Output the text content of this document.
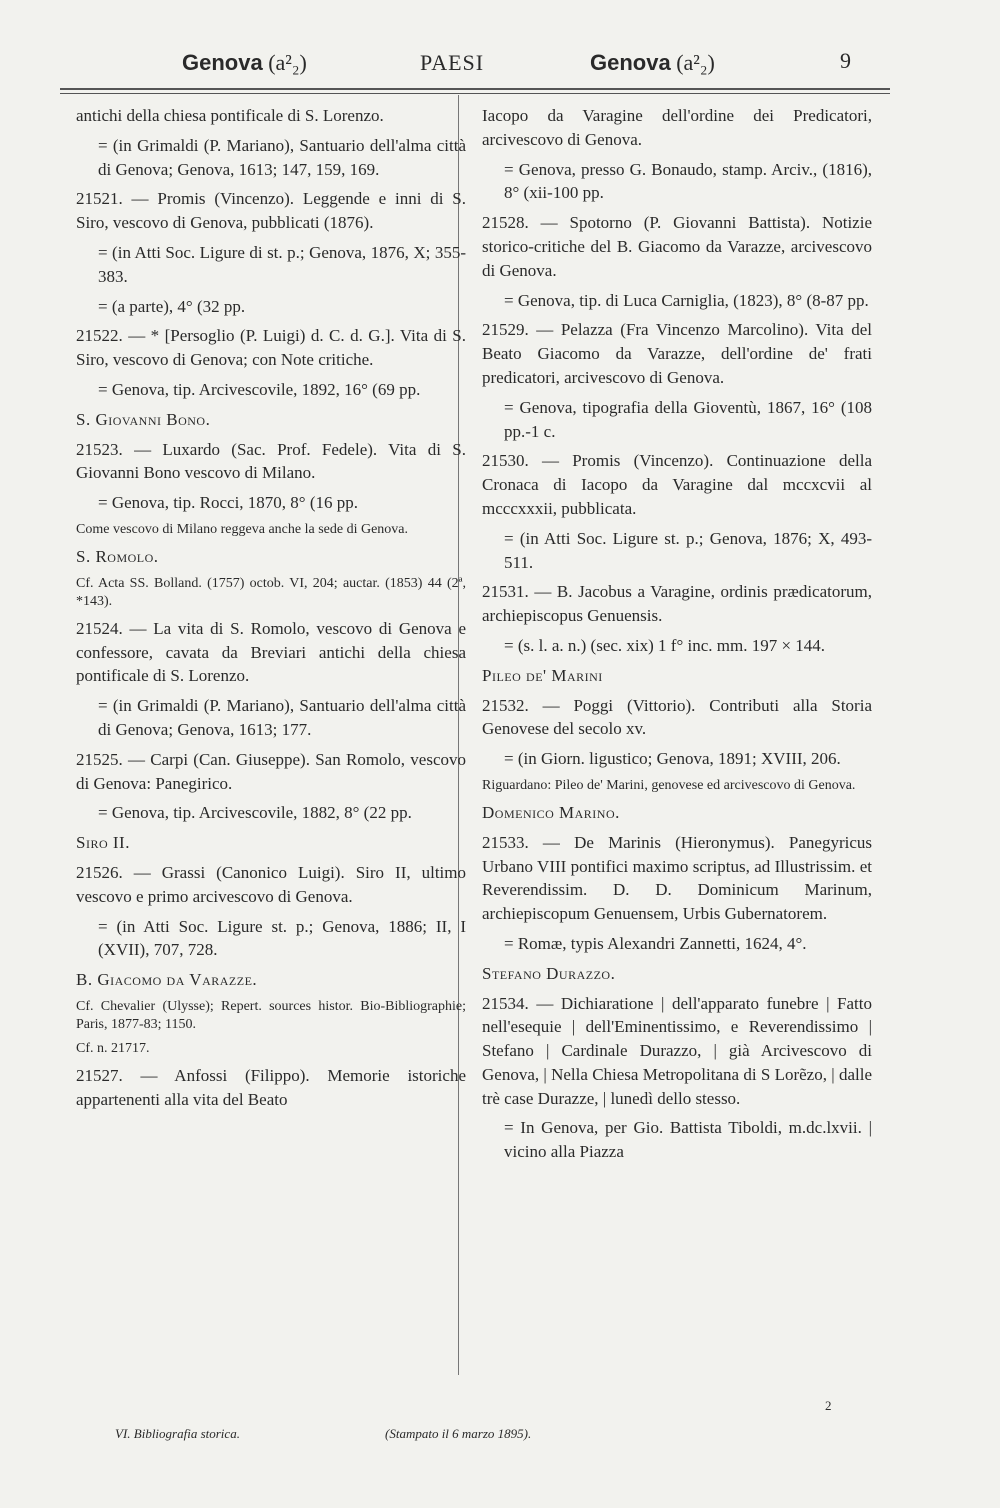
Genova (a²₂)	PAESI	Genova (a²₂)	9

antichi della chiesa pontificale di S. Lorenzo.

= (in Grimaldi (P. Mariano), Santuario dell'alma città di Genova; Genova, 1613; 147, 159, 169.

21521. — Promis (Vincenzo). Leggende e inni di S. Siro, vescovo di Genova, pubblicati (1876).

= (in Atti Soc. Ligure di st. p.; Genova, 1876, X; 355-383.

= (a parte), 4° (32 pp.

21522. — * [Persoglio (P. Luigi) d. C. d. G.]. Vita di S. Siro, vescovo di Genova; con Note critiche.

= Genova, tip. Arcivescovile, 1892, 16° (69 pp.

S. Giovanni Bono.

21523. — Luxardo (Sac. Prof. Fedele). Vita di S. Giovanni Bono vescovo di Milano.

= Genova, tip. Rocci, 1870, 8° (16 pp.

Come vescovo di Milano reggeva anche la sede di Genova.

S. Romolo.

Cf. Acta SS. Bolland. (1757) octob. VI, 204; auctar. (1853) 44 (2ª, *143).

21524. — La vita di S. Romolo, vescovo di Genova e confessore, cavata da Breviari antichi della chiesa pontificale di S. Lorenzo.

= (in Grimaldi (P. Mariano), Santuario dell'alma città di Genova; Genova, 1613; 177.

21525. — Carpi (Can. Giuseppe). San Romolo, vescovo di Genova: Panegirico.

= Genova, tip. Arcivescovile, 1882, 8° (22 pp.

Siro II.

21526. — Grassi (Canonico Luigi). Siro II, ultimo vescovo e primo arcivescovo di Genova.

= (in Atti Soc. Ligure st. p.; Genova, 1886; II, I (XVII), 707, 728.

B. Giacomo da Varazze.

Cf. Chevalier (Ulysse); Repert. sources histor. Bio-Bibliographie; Paris, 1877-83; 1150.

Cf. n. 21717.

21527. — Anfossi (Filippo). Memorie istoriche appartenenti alla vita del Beato

Iacopo da Varagine dell'ordine dei Predicatori, arcivescovo di Genova.

= Genova, presso G. Bonaudo, stamp. Arciv., (1816), 8° (xii-100 pp.

21528. — Spotorno (P. Giovanni Battista). Notizie storico-critiche del B. Giacomo da Varazze, arcivescovo di Genova.

= Genova, tip. di Luca Carniglia, (1823), 8° (8-87 pp.

21529. — Pelazza (Fra Vincenzo Marcolino). Vita del Beato Giacomo da Varazze, dell'ordine de' frati predicatori, arcivescovo di Genova.

= Genova, tipografia della Gioventù, 1867, 16° (108 pp.-1 c.

21530. — Promis (Vincenzo). Continuazione della Cronaca di Iacopo da Varagine dal mccxcvii al mcccxxxii, pubblicata.

= (in Atti Soc. Ligure st. p.; Genova, 1876; X, 493-511.

21531. — B. Jacobus a Varagine, ordinis prædicatorum, archiepiscopus Genuensis.

= (s. l. a. n.) (sec. xix) 1 f° inc. mm. 197 × 144.

Pileo de' Marini

21532. — Poggi (Vittorio). Contributi alla Storia Genovese del secolo xv.

= (in Giorn. ligustico; Genova, 1891; XVIII, 206.

Riguardano: Pileo de' Marini, genovese ed arcivescovo di Genova.

Domenico Marino.

21533. — De Marinis (Hieronymus). Panegyricus Urbano VIII pontifici maximo scriptus, ad Illustrissim. et Reverendissim. D. D. Dominicum Marinum, archiepiscopum Genuensem, Urbis Gubernatorem.

= Romæ, typis Alexandri Zannetti, 1624, 4°.

Stefano Durazzo.

21534. — Dichiaratione | dell'apparato funebre | Fatto nell'esequie | dell'Eminentissimo, e Reverendissimo | Stefano | Cardinale Durazzo, | già Arcivescovo di Genova, | Nella Chiesa Metropolitana di S Lorẽzo, | dalle trè case Durazze, | lunedì dello stesso.

= In Genova, per Gio. Battista Tiboldi, m.dc.lxvii. | vicino alla Piazza

VI. Bibliografia storica.	(Stampato il 6 marzo 1895).
2
